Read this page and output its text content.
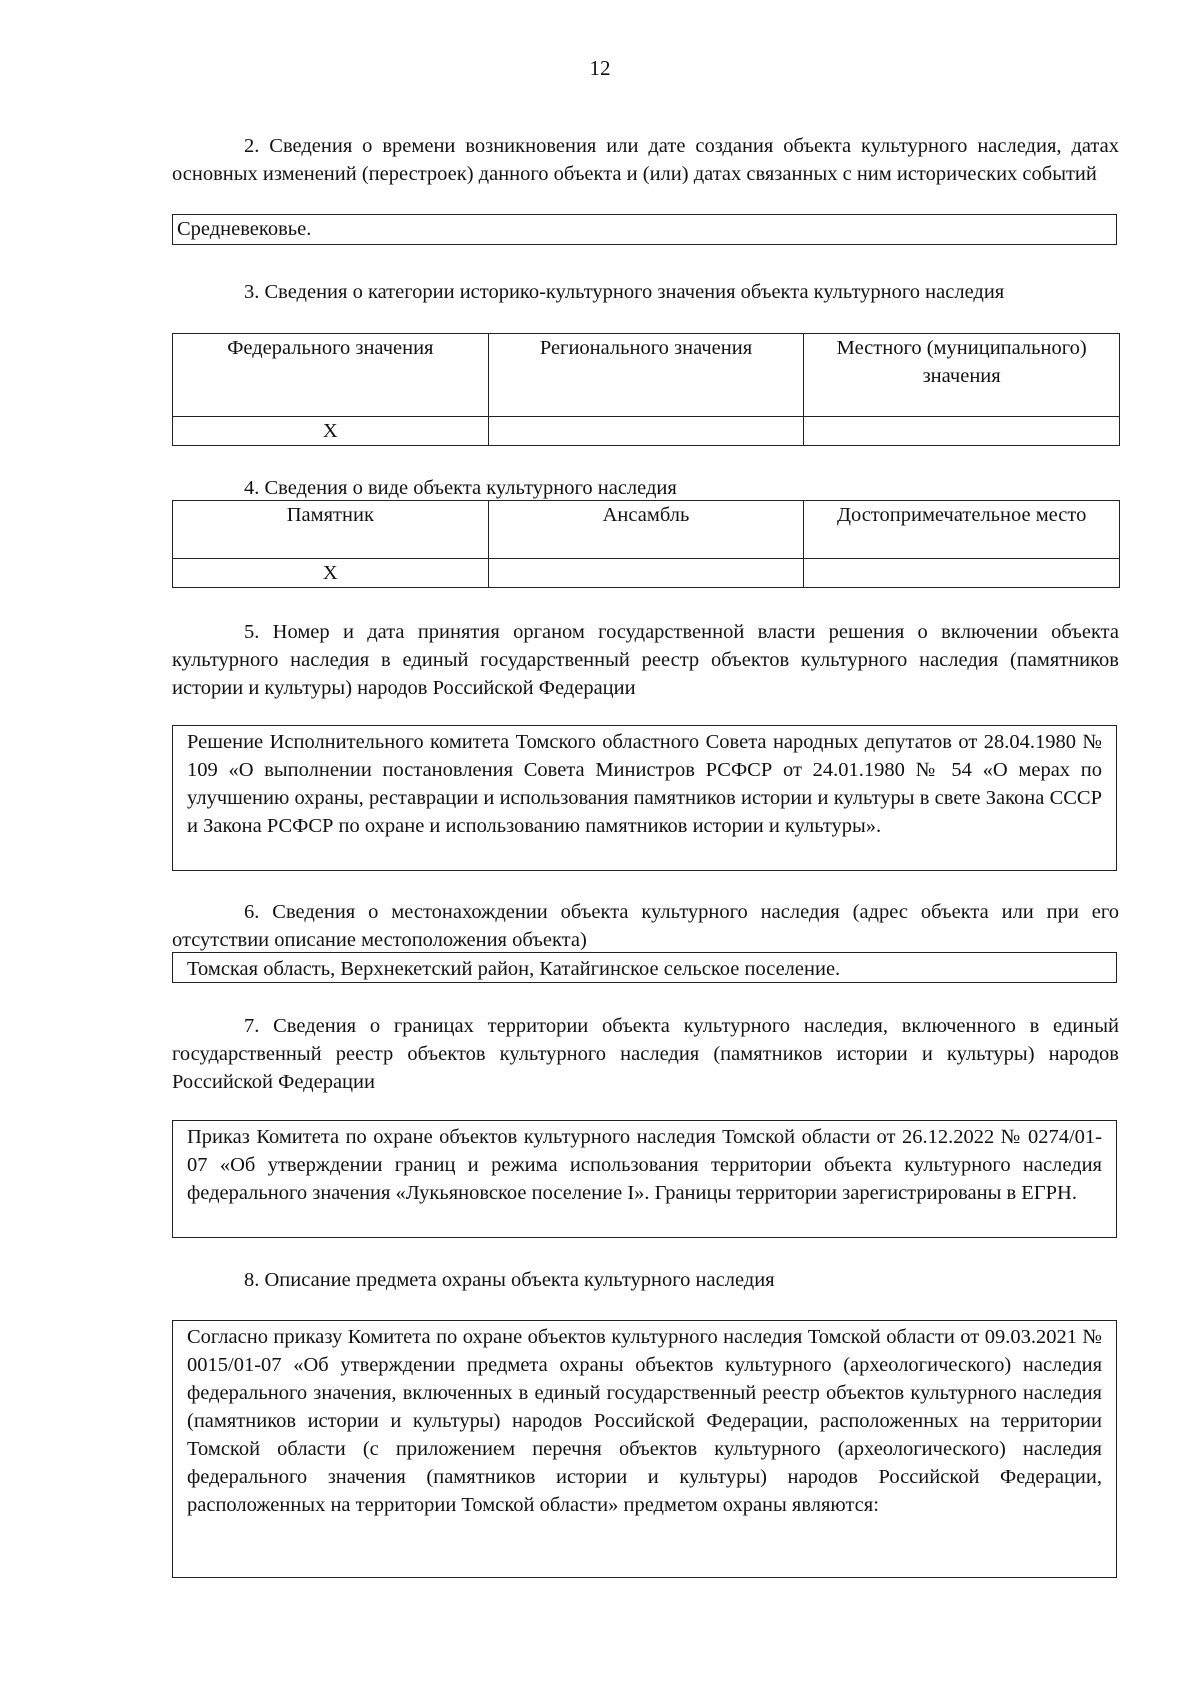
12
2. Сведения о времени возникновения или дате создания объекта культурного наследия, датах основных изменений (перестроек) данного объекта и (или) датах связанных с ним исторических событий
Средневековье.
3. Сведения о категории историко-культурного значения объекта культурного наследия
Федерального значения	Регионального значения	Местного (муниципального) значения
Х		
4. Сведения о виде объекта культурного наследия
Памятник	Ансамбль	Достопримечательное место
Х		
5. Номер и дата принятия органом государственной власти решения о включении объекта культурного наследия в единый государственный реестр объектов культурного наследия (памятников истории и культуры) народов Российской Федерации
Решение Исполнительного комитета Томского областного Совета народных депутатов от 28.04.1980 № 109 «О выполнении постановления Совета Министров РСФСР от 24.01.1980 № 54 «О мерах по улучшению охраны, реставрации и использования памятников истории и культуры в свете Закона СССР и Закона РСФСР по охране и использованию памятников истории и культуры».
6. Сведения о местонахождении объекта культурного наследия (адрес объекта или при его отсутствии описание местоположения объекта)
Томская область, Верхнекетский район, Катайгинское сельское поселение.
7. Сведения о границах территории объекта культурного наследия, включенного в единый государственный реестр объектов культурного наследия (памятников истории и культуры) народов Российской Федерации
Приказ Комитета по охране объектов культурного наследия Томской области от 26.12.2022 № 0274/01-07 «Об утверждении границ и режима использования территории объекта культурного наследия федерального значения «Лукьяновское поселение I». Границы территории зарегистрированы в ЕГРН.
8. Описание предмета охраны объекта культурного наследия
Согласно приказу Комитета по охране объектов культурного наследия Томской области от 09.03.2021 № 0015/01-07 «Об утверждении предмета охраны объектов культурного (археологического) наследия федерального значения, включенных в единый государственный реестр объектов культурного наследия (памятников истории и культуры) народов Российской Федерации, расположенных на территории Томской области (с приложением перечня объектов культурного (археологического) наследия федерального значения (памятников истории и культуры) народов Российской Федерации, расположенных на территории Томской области» предметом охраны являются:
